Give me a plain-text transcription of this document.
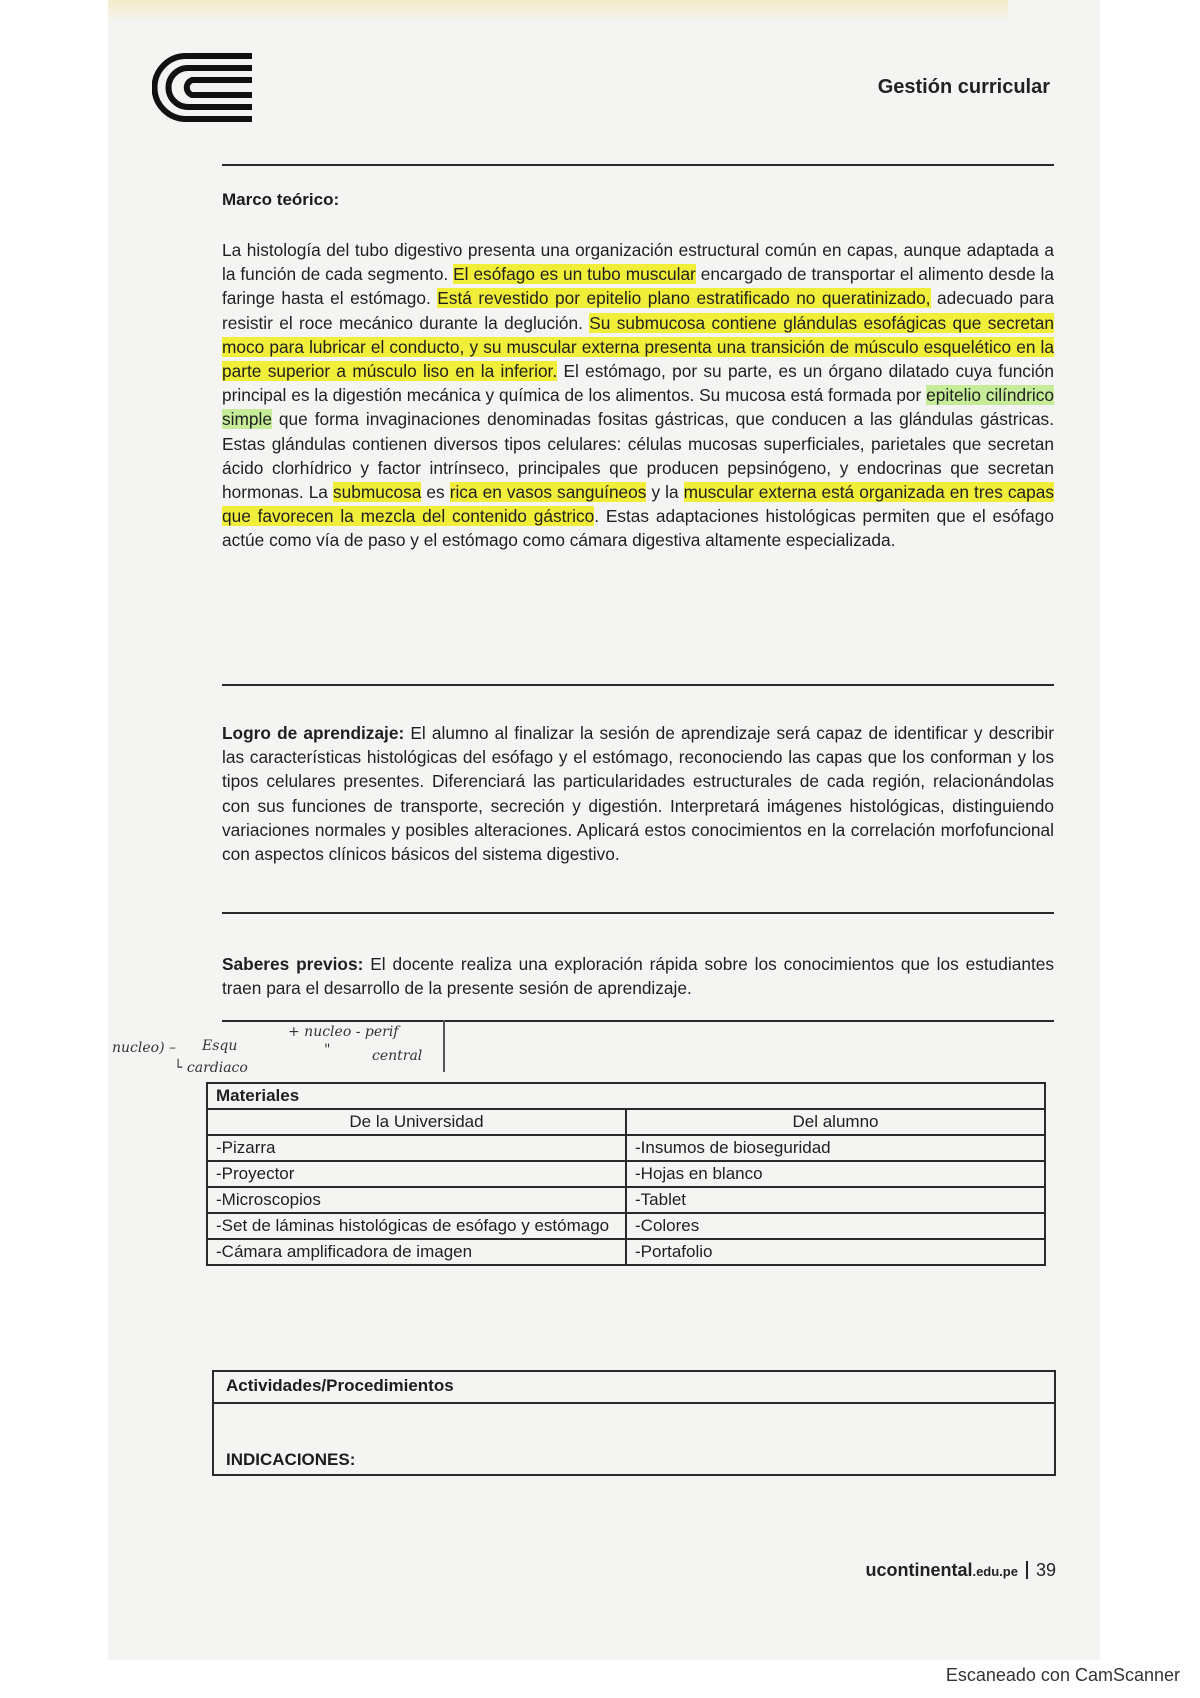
Gestión curricular
Marco teórico:
La histología del tubo digestivo presenta una organización estructural común en capas, aunque adaptada a la función de cada segmento. El esófago es un tubo muscular encargado de transportar el alimento desde la faringe hasta el estómago. Está revestido por epitelio plano estratificado no queratinizado, adecuado para resistir el roce mecánico durante la deglución. Su submucosa contiene glándulas esofágicas que secretan moco para lubricar el conducto, y su muscular externa presenta una transición de músculo esquelético en la parte superior a músculo liso en la inferior. El estómago, por su parte, es un órgano dilatado cuya función principal es la digestión mecánica y química de los alimentos. Su mucosa está formada por epitelio cilíndrico simple que forma invaginaciones denominadas fositas gástricas, que conducen a las glándulas gástricas. Estas glándulas contienen diversos tipos celulares: células mucosas superficiales, parietales que secretan ácido clorhídrico y factor intrínseco, principales que producen pepsinógeno, y endocrinas que secretan hormonas. La submucosa es rica en vasos sanguíneos y la muscular externa está organizada en tres capas que favorecen la mezcla del contenido gástrico. Estas adaptaciones histológicas permiten que el esófago actúe como vía de paso y el estómago como cámara digestiva altamente especializada.
Logro de aprendizaje: El alumno al finalizar la sesión de aprendizaje será capaz de identificar y describir las características histológicas del esófago y el estómago, reconociendo las capas que los conforman y los tipos celulares presentes. Diferenciará las particularidades estructurales de cada región, relacionándolas con sus funciones de transporte, secreción y digestión. Interpretará imágenes histológicas, distinguiendo variaciones normales y posibles alteraciones. Aplicará estos conocimientos en la correlación morfofuncional con aspectos clínicos básicos del sistema digestivo.
Saberes previos: El docente realiza una exploración rápida sobre los conocimientos que los estudiantes traen para el desarrollo de la presente sesión de aprendizaje.
nucleo) – Esqu
└ cardiaco
+ nucleo - perif
"	central
Materiales	
De la Universidad	Del alumno
-Pizarra	-Insumos de bioseguridad
-Proyector	-Hojas en blanco
-Microscopios	-Tablet
-Set de láminas histológicas de esófago y estómago	-Colores
-Cámara amplificadora de imagen	-Portafolio
Actividades/Procedimientos
INDICACIONES:
ucontinental.edu.pe 39
Escaneado con CamScanner
